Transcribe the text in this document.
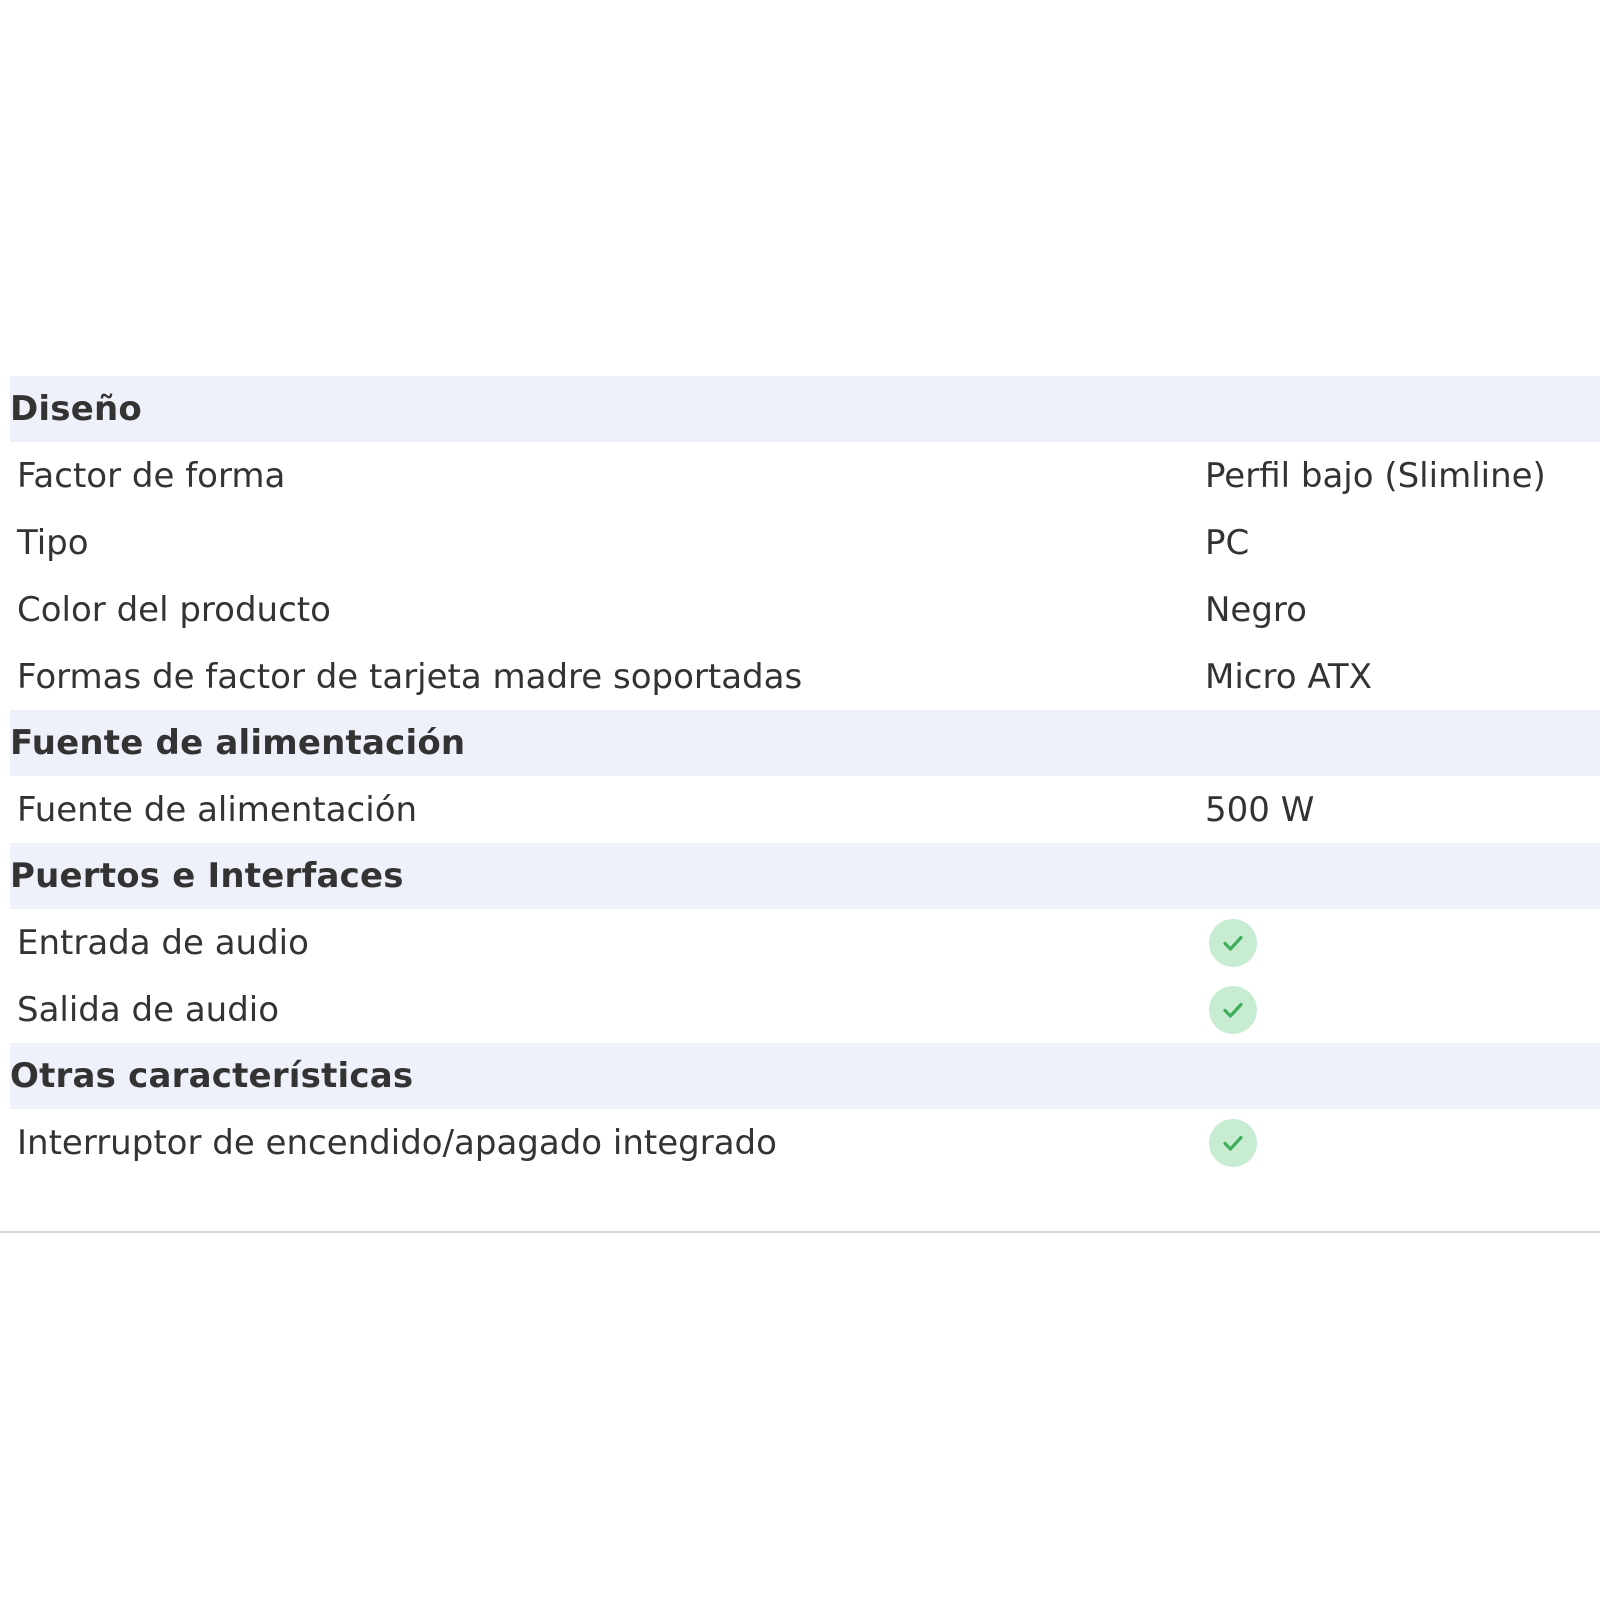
Diseño
Factor de forma	Perfil bajo (Slimline)
Tipo	PC
Color del producto	Negro
Formas de factor de tarjeta madre soportadas	Micro ATX
Fuente de alimentación
Fuente de alimentación	500 W
Puertos e Interfaces
Entrada de audio
Salida de audio
Otras características
Interruptor de encendido/apagado integrado
